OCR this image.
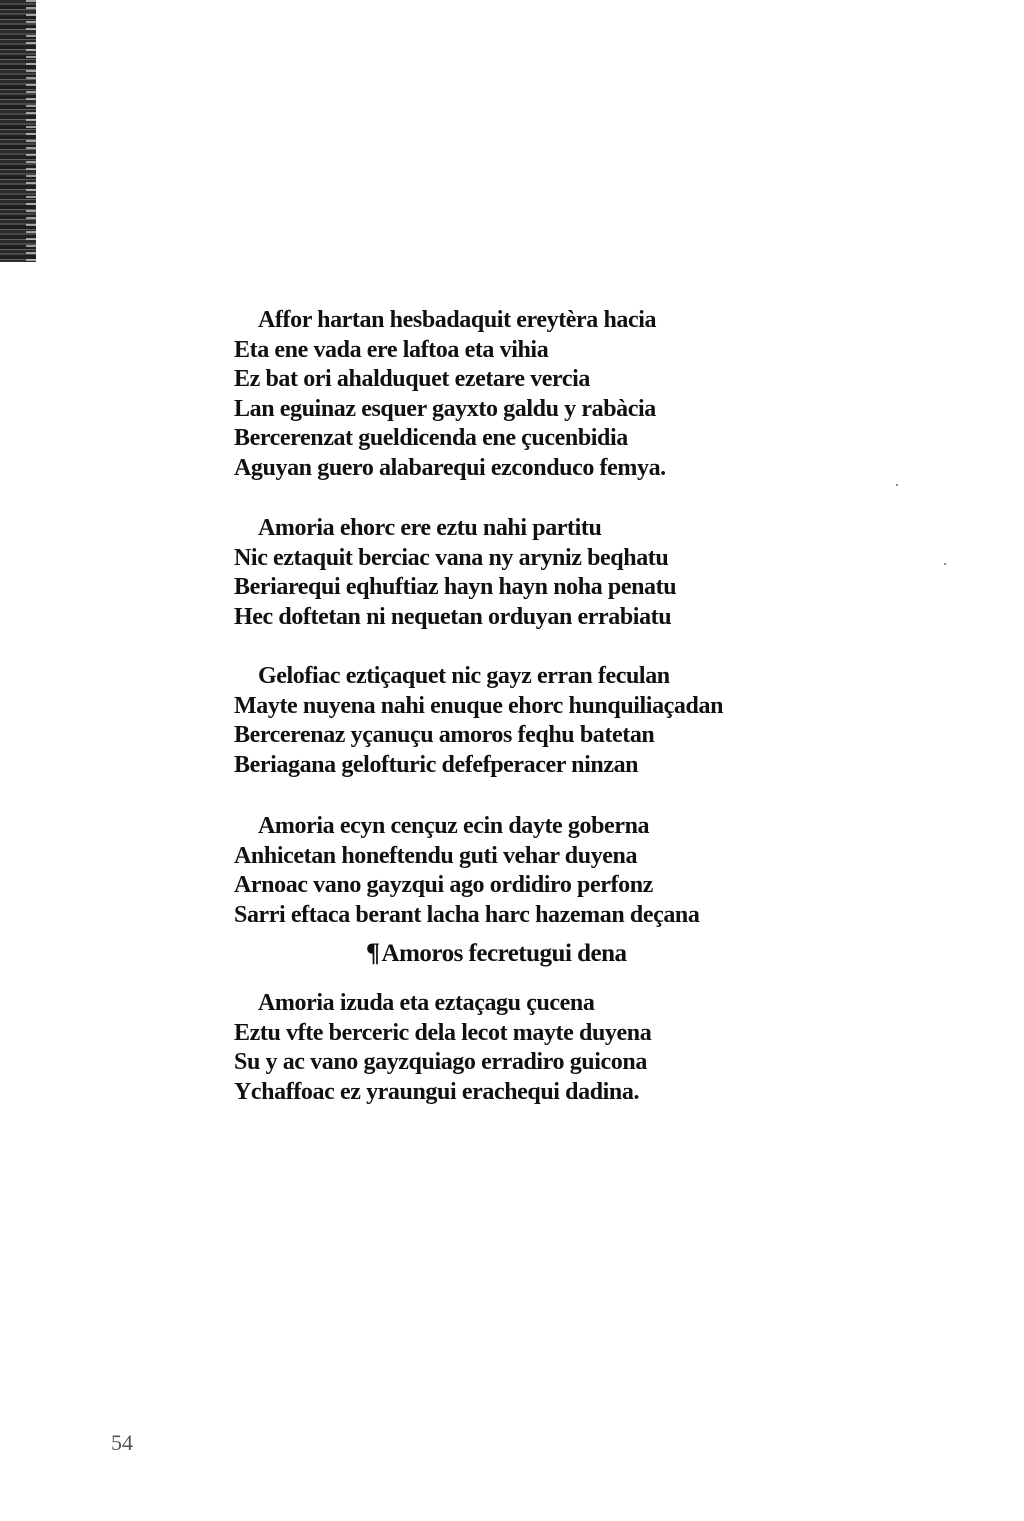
Affor hartan hesbadaquit ereytèra hacia
Eta ene vada ere laftoa eta vihia
Ez bat ori ahalduquet ezetare vercia
Lan eguinaz esquer gayxto galdu y rabàcia
Bercerenzat gueldicenda ene çucenbidia
Aguyan guero alabarequi ezconduco femya.
Amoria ehorc ere eztu nahi partitu
Nic eztaquit berciac vana ny aryniz beqhatu
Beriarequi eqhuftiaz hayn hayn noha penatu
Hec doftetan ni nequetan orduyan errabiatu
Gelofiac eztiçaquet nic gayz erran feculan
Mayte nuyena nahi enuque ehorc hunquiliaçadan
Bercerenaz yçanuçu amoros feqhu batetan
Beriagana gelofturic defefperacer ninzan
Amoria ecyn cençuz ecin dayte goberna
Anhicetan honeftendu guti vehar duyena
Arnoac vano gayzqui ago ordidiro perfonz
Sarri eftaca berant lacha harc hazeman deçana
Amoria izuda eta eztaçagu çucena
Eztu vfte berceric dela lecot mayte duyena
Su y ac vano gayzquiago erradiro guicona
Ychaffoac ez yraungui erachequi dadina.
¶Amoros fecretugui dena
54
